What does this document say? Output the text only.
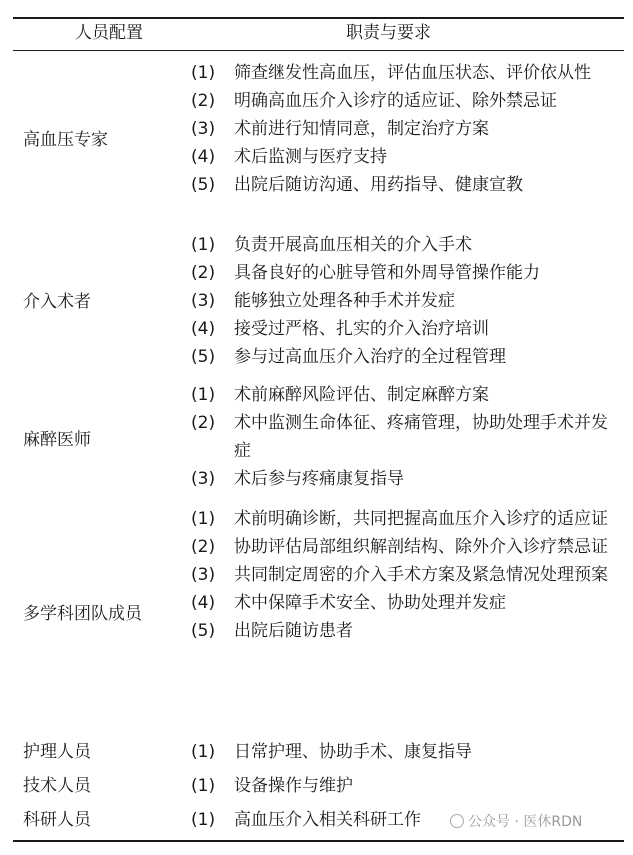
人员配置	职责与要求
高血压专家
(1)	筛查继发性高血压，评估血压状态、评价依从性
(2)	明确高血压介入诊疗的适应证、除外禁忌证
(3)	术前进行知情同意，制定治疗方案
(4)	术后监测与医疗支持
(5)	出院后随访沟通、用药指导、健康宣教
介入术者
(1)	负责开展高血压相关的介入手术
(2)	具备良好的心脏导管和外周导管操作能力
(3)	能够独立处理各种手术并发症
(4)	接受过严格、扎实的介入治疗培训
(5)	参与过高血压介入治疗的全过程管理
麻醉医师
(1)	术前麻醉风险评估、制定麻醉方案
(2)	术中监测生命体征、疼痛管理，协助处理手术并发症
(3)	术后参与疼痛康复指导
多学科团队成员
(1)	术前明确诊断，共同把握高血压介入诊疗的适应证
(2)	协助评估局部组织解剖结构、除外介入诊疗禁忌证
(3)	共同制定周密的介入手术方案及紧急情况处理预案
(4)	术中保障手术安全、协助处理并发症
(5)	出院后随访患者
护理人员	(1)	日常护理、协助手术、康复指导
技术人员	(1)	设备操作与维护
科研人员	(1)	高血压介入相关科研工作	公众号 · 医休RDN
